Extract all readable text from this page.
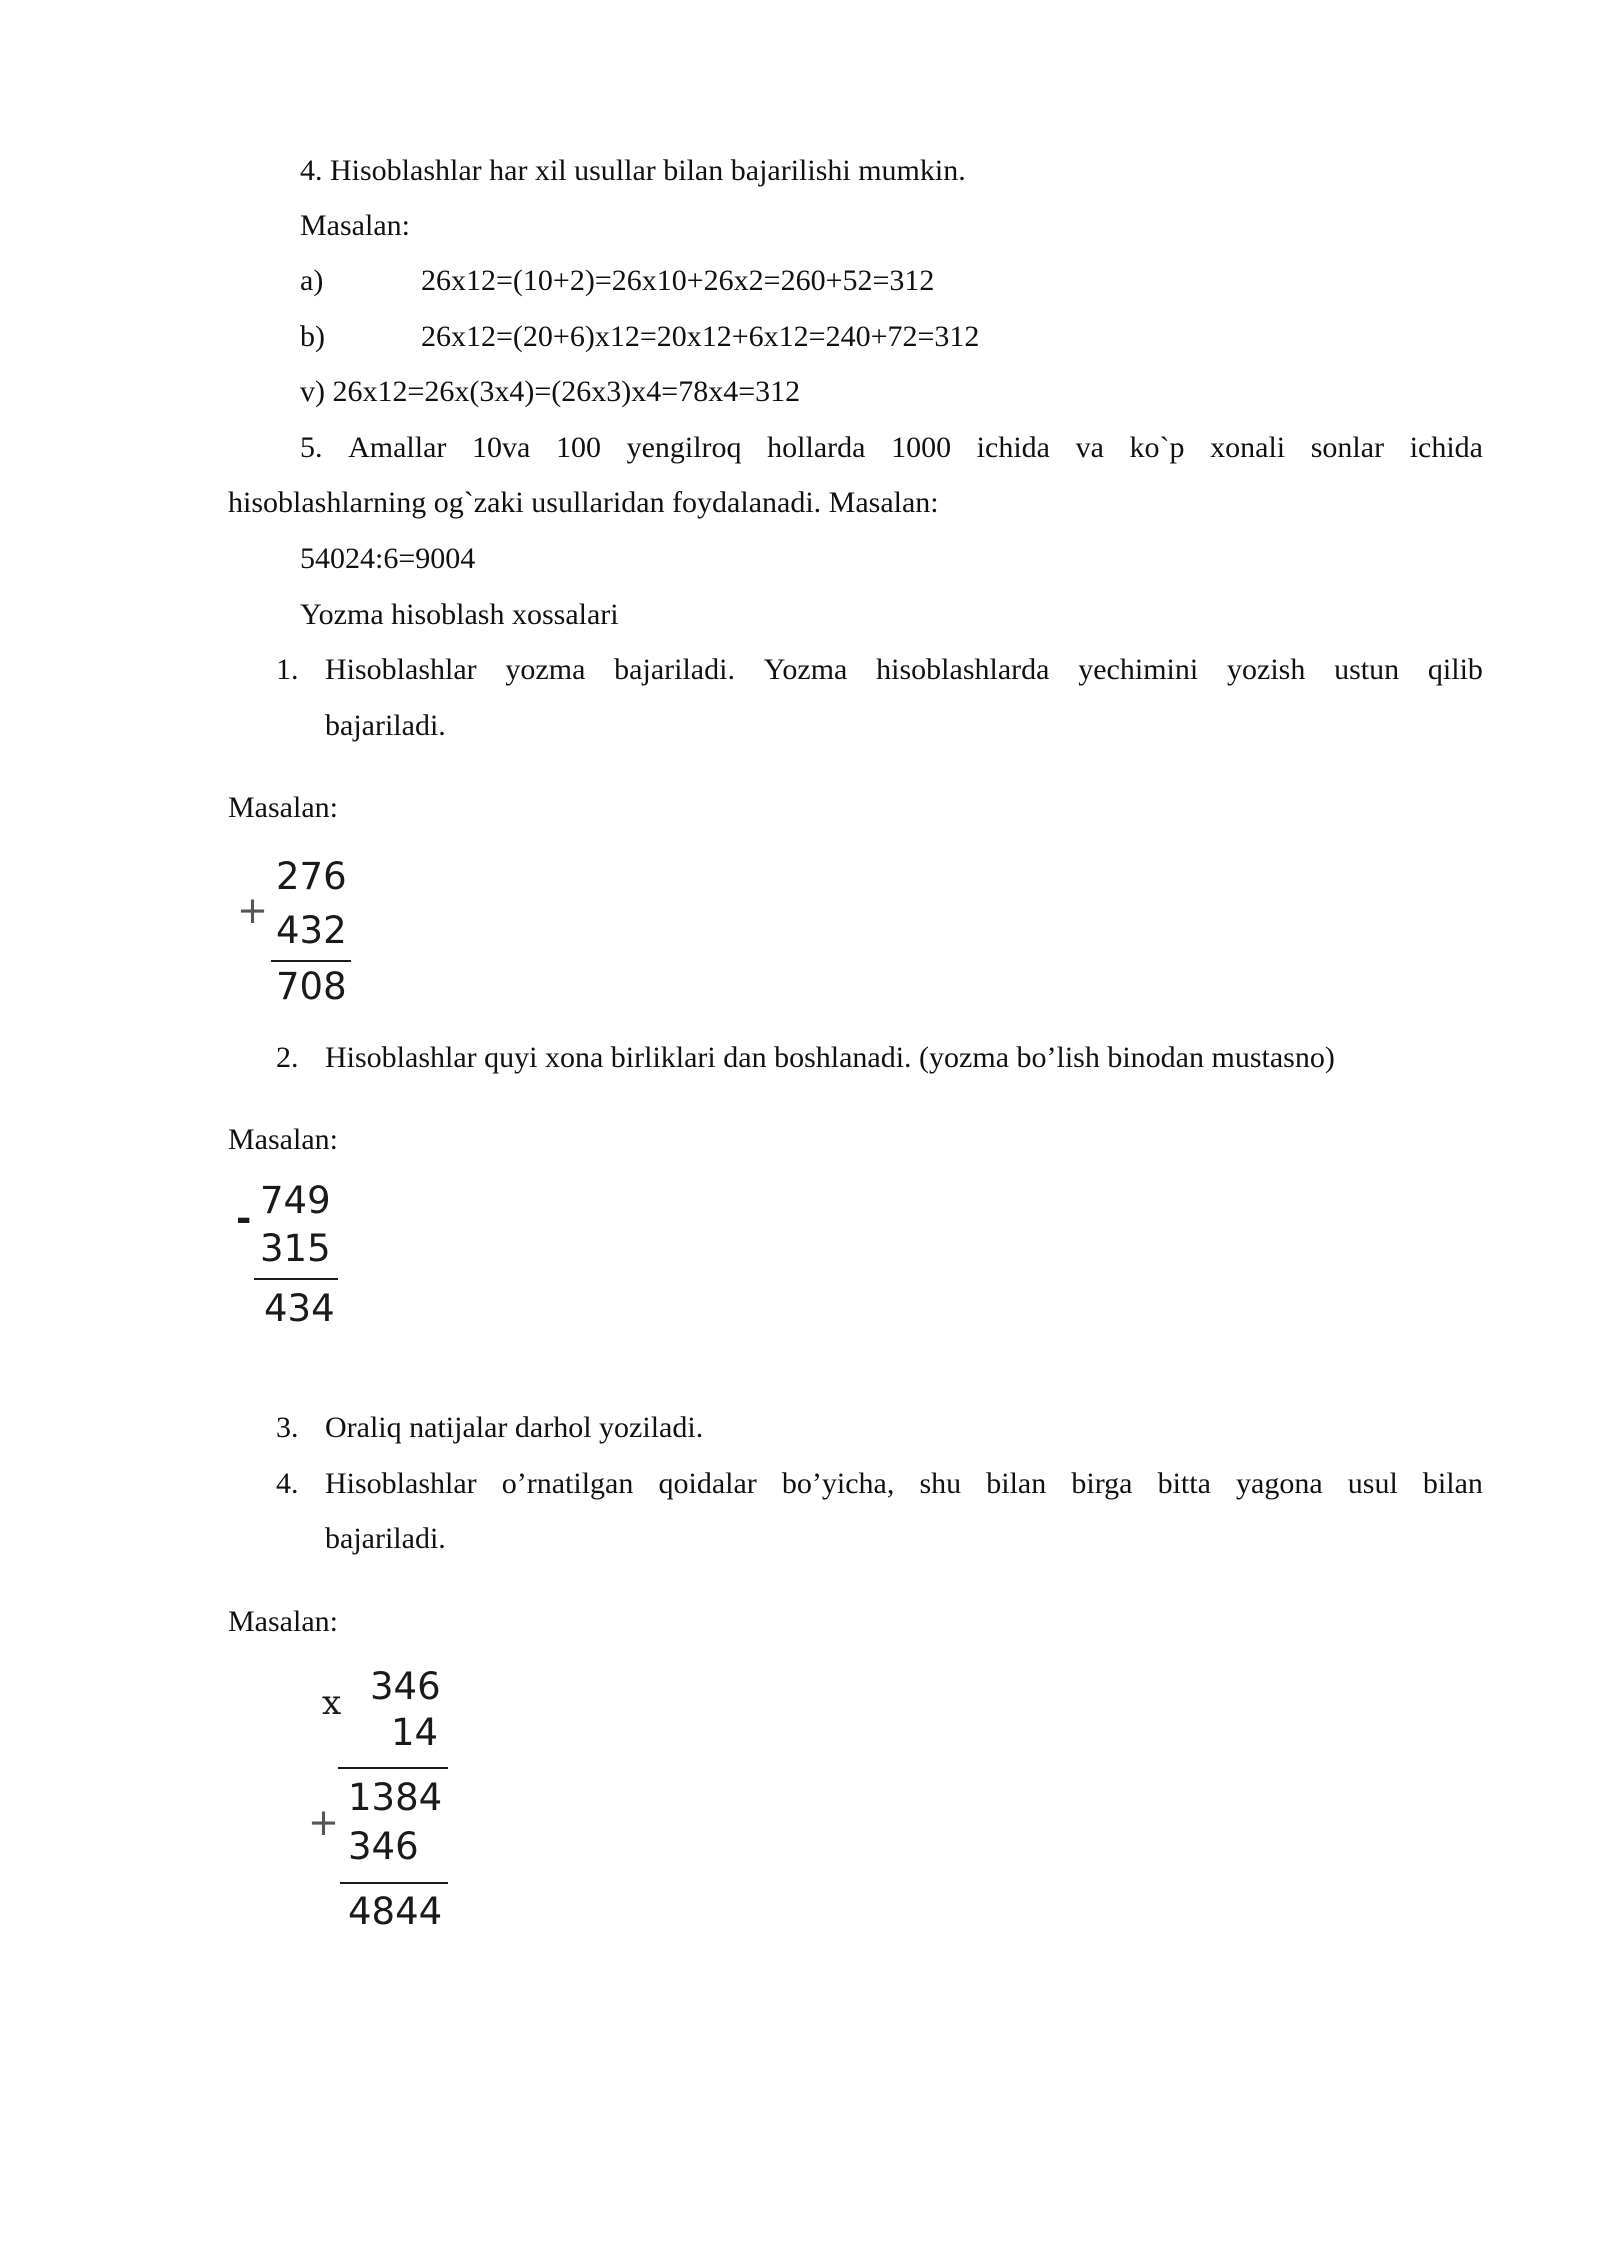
4. Hisoblashlar har xil usullar bilan bajarilishi mumkin.
Masalan:
a)	26x12=(10+2)=26x10+26x2=260+52=312
b)	26x12=(20+6)x12=20x12+6x12=240+72=312
v) 26x12=26x(3x4)=(26x3)x4=78x4=312
5. Amallar 10va 100 yengilroq hollarda 1000 ichida va ko`p xonali sonlar ichida
hisoblashlarning og`zaki usullaridan foydalanadi. Masalan:
54024:6=9004
Yozma hisoblash xossalari
1. Hisoblashlar yozma bajariladi. Yozma hisoblashlarda yechimini yozish ustun qilib
bajariladi.
Masalan:
+
276
432
708
2. Hisoblashlar quyi xona birliklari dan boshlanadi. (yozma bo’lish binodan mustasno)
Masalan:
- 749
315
434
3. Oraliq natijalar darhol yoziladi.
4. Hisoblashlar o’rnatilgan qoidalar bo’yicha, shu bilan birga bitta yagona usul bilan
bajariladi.
Masalan:
x 346
14
+
1384
346
4844
